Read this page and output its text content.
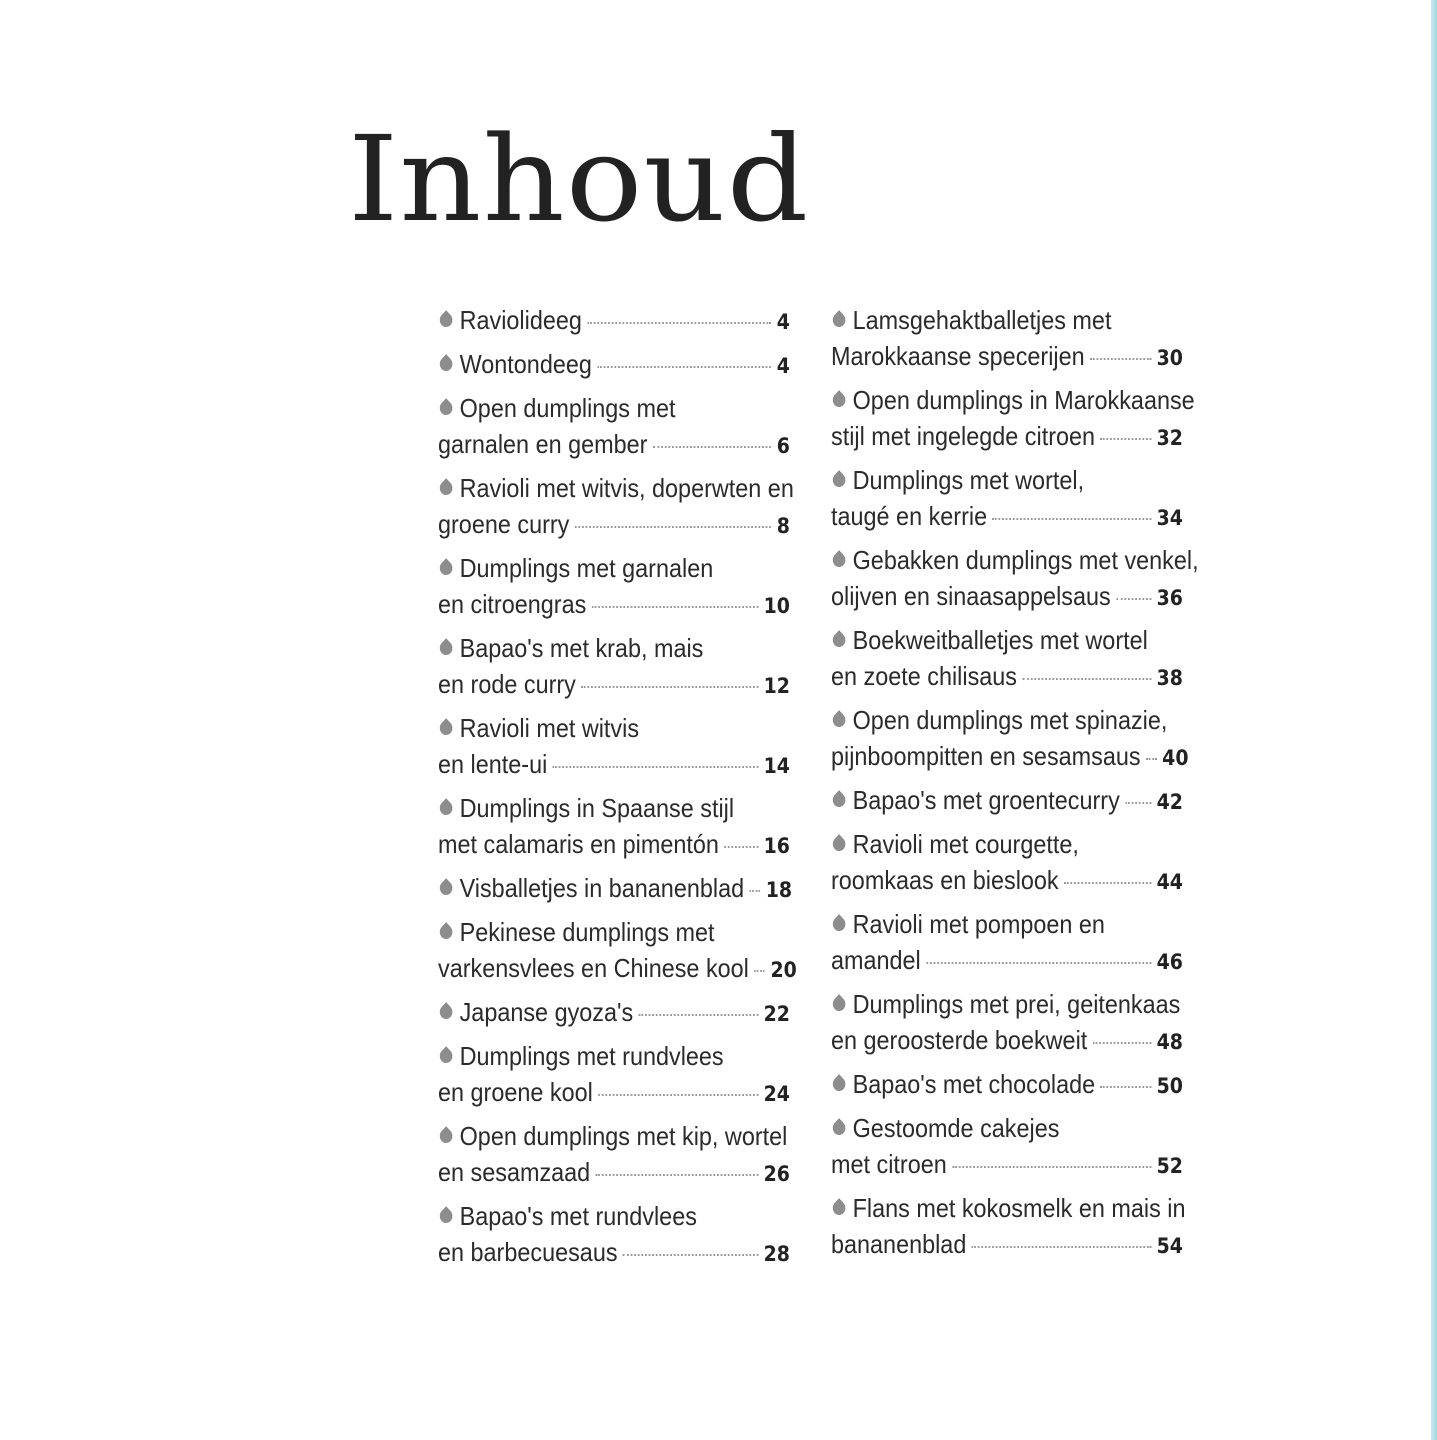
Inhoud
Raviolideeg	4
Wontondeeg	4
Open dumplings met
garnalen en gember	6
Ravioli met witvis, doperwten en
groene curry	8
Dumplings met garnalen
en citroengras	10
Bapao's met krab, mais
en rode curry	12
Ravioli met witvis
en lente-ui	14
Dumplings in Spaanse stijl
met calamaris en pimentón 16
Visballetjes in bananenblad 18
Pekinese dumplings met
varkensvlees en Chinese kool 20
Japanse gyoza's	22
Dumplings met rundvlees
en groene kool	24
Open dumplings met kip, wortel
en sesamzaad	26
Bapao's met rundvlees
en barbecuesaus	28
Lamsgehaktballetjes met
Marokkaanse specerijen	30
Open dumplings in Marokkaanse
stijl met ingelegde citroen	32
Dumplings met wortel,
taugé en kerrie	34
Gebakken dumplings met venkel,
olijven en sinaasappelsaus 36
Boekweitballetjes met wortel
en zoete chilisaus	38
Open dumplings met spinazie,
pijnboompitten en sesamsaus 40
Bapao's met groentecurry 42
Ravioli met courgette,
roomkaas en bieslook	44
Ravioli met pompoen en
amandel	46
Dumplings met prei, geitenkaas
en geroosterde boekweit	48
Bapao's met chocolade	50
Gestoomde cakejes
met citroen	52
Flans met kokosmelk en mais in
bananenblad	54
